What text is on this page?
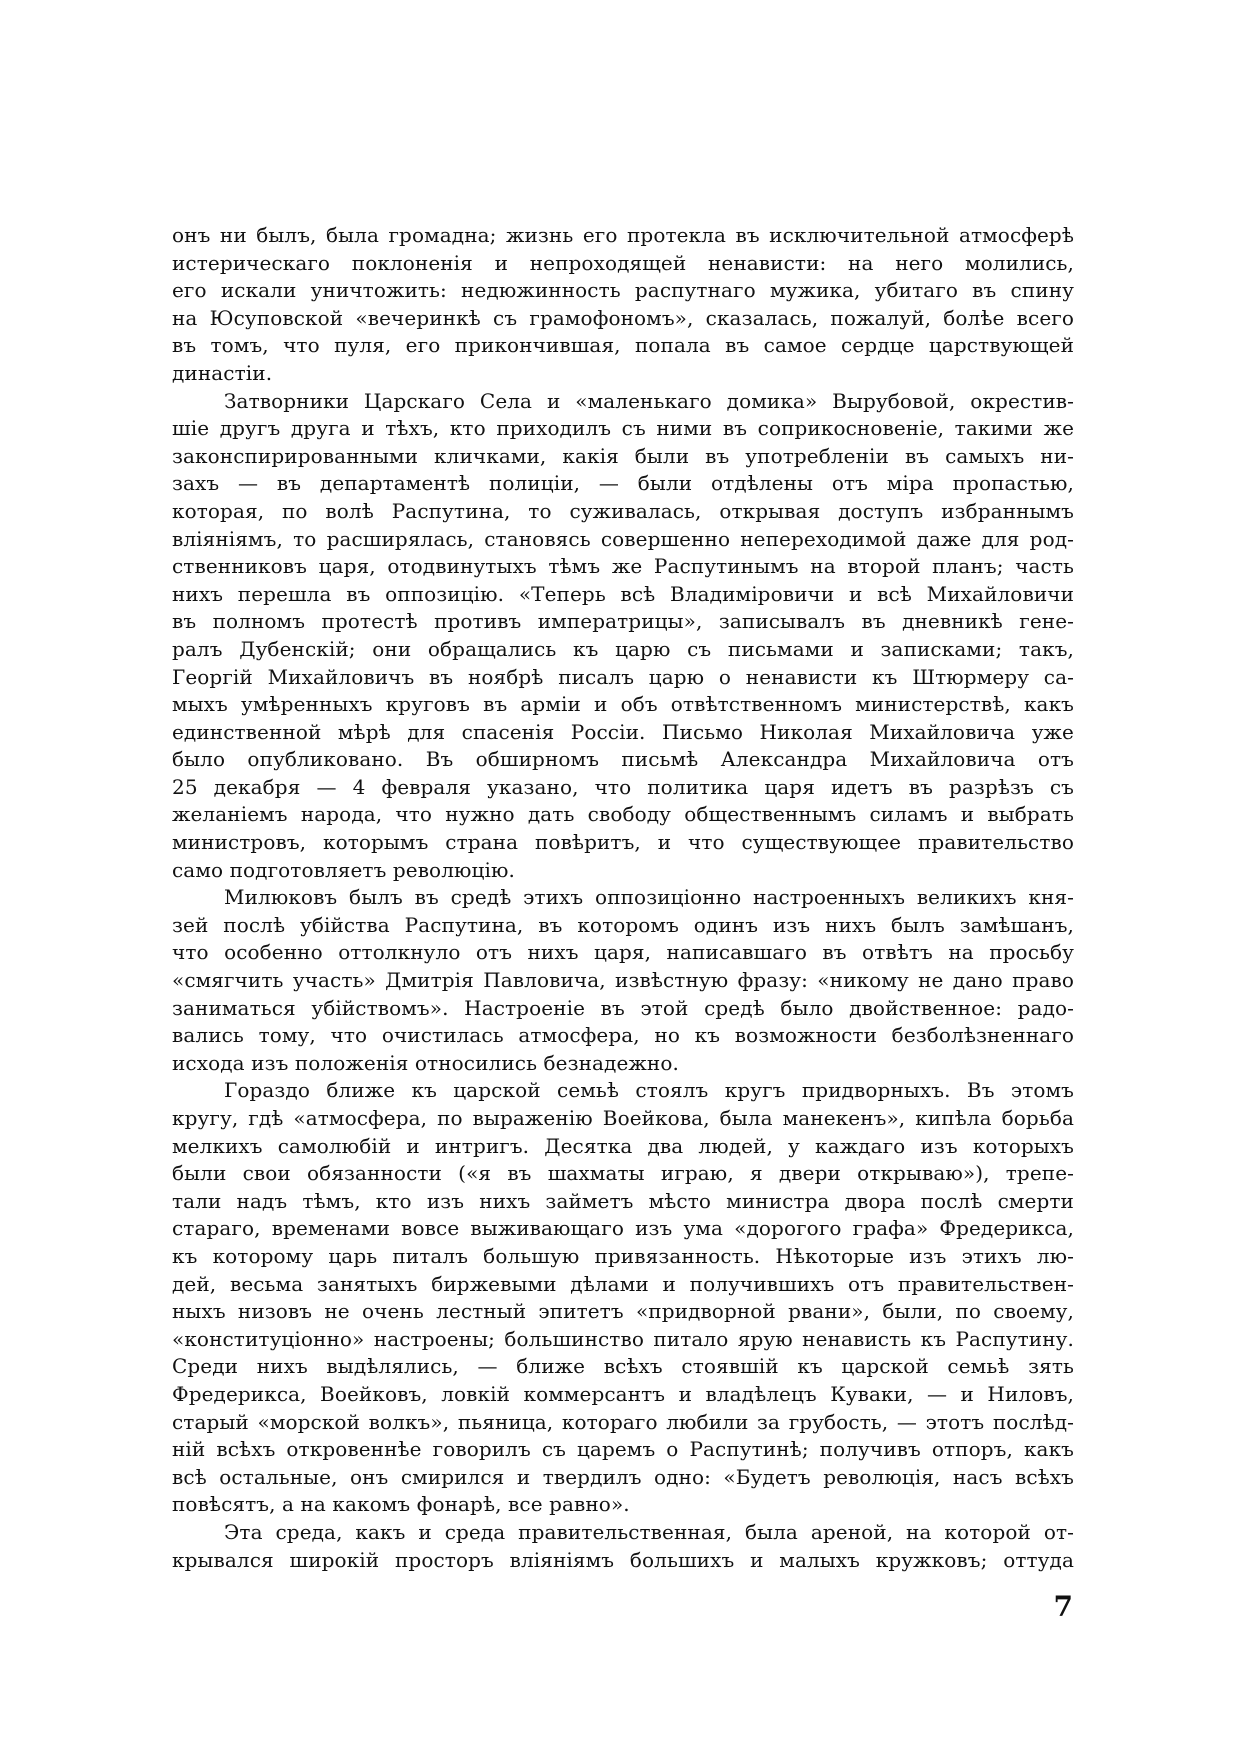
онъ ни былъ, была громадна; жизнь его протекла въ исключительной атмосферѣ
истерическаго поклоненія и непроходящей ненависти: на него молились,
его искали уничтожить: недюжинность распутнаго мужика, убитаго въ спину
на Юсуповской «вечеринкѣ съ грамофономъ», сказалась, пожалуй, болѣе всего
въ томъ, что пуля, его прикончившая, попала въ самое сердце царствующей
династіи.
Затворники Царскаго Села и «маленькаго домика» Вырубовой, окрестив-
шіе другъ друга и тѣхъ, кто приходилъ съ ними въ соприкосновеніе, такими же
законспирированными кличками, какія были въ употребленіи въ самыхъ ни-
захъ — въ департаментѣ полиціи, — были отдѣлены отъ міра пропастью,
которая, по волѣ Распутина, то суживалась, открывая доступъ избраннымъ
вліяніямъ, то расширялась, становясь совершенно непереходимой даже для род-
ственниковъ царя, отодвинутыхъ тѣмъ же Распутинымъ на второй планъ; часть
нихъ перешла въ оппозицію. «Теперь всѣ Владиміровичи и всѣ Михайловичи
въ полномъ протестѣ противъ императрицы», записывалъ въ дневникѣ гене-
ралъ Дубенскій; они обращались къ царю съ письмами и записками; такъ,
Георгій Михайловичъ въ ноябрѣ писалъ царю о ненависти къ Штюрмеру са-
мыхъ умѣренныхъ круговъ въ арміи и объ отвѣтственномъ министерствѣ, какъ
единственной мѣрѣ для спасенія Россіи. Письмо Николая Михайловича уже
было опубликовано. Въ обширномъ письмѣ Александра Михайловича отъ
25 декабря — 4 февраля указано, что политика царя идетъ въ разрѣзъ съ
желаніемъ народа, что нужно дать свободу общественнымъ силамъ и выбрать
министровъ, которымъ страна повѣритъ, и что существующее правительство
само подготовляетъ революцію.
Милюковъ былъ въ средѣ этихъ оппозиціонно настроенныхъ великихъ кня-
зей послѣ убійства Распутина, въ которомъ одинъ изъ нихъ былъ замѣшанъ,
что особенно оттолкнуло отъ нихъ царя, написавшаго въ отвѣтъ на просьбу
«смягчить участь» Дмитрія Павловича, извѣстную фразу: «никому не дано право
заниматься убійствомъ». Настроеніе въ этой средѣ было двойственное: радо-
вались тому, что очистилась атмосфера, но къ возможности безболѣзненнаго
исхода изъ положенія относились безнадежно.
Гораздо ближе къ царской семьѣ стоялъ кругъ придворныхъ. Въ этомъ
кругу, гдѣ «атмосфера, по выраженію Воейкова, была манекенъ», кипѣла борьба
мелкихъ самолюбій и интригъ. Десятка два людей, у каждаго изъ которыхъ
были свои обязанности («я въ шахматы играю, я двери открываю»), трепе-
тали надъ тѣмъ, кто изъ нихъ займетъ мѣсто министра двора послѣ смерти
стараго, временами вовсе выживающаго изъ ума «дорогого графа» Фредерикса,
къ которому царь питалъ большую привязанность. Нѣкоторые изъ этихъ лю-
дей, весьма занятыхъ биржевыми дѣлами и получившихъ отъ правительствен-
ныхъ низовъ не очень лестный эпитетъ «придворной рвани», были, по своему,
«конституціонно» настроены; большинство питало ярую ненависть къ Распутину.
Среди нихъ выдѣлялись, — ближе всѣхъ стоявшій къ царской семьѣ зять
Фредерикса, Воейковъ, ловкій коммерсантъ и владѣлецъ Куваки, — и Ниловъ,
старый «морской волкъ», пьяница, котораго любили за грубость, — этотъ послѣд-
ній всѣхъ откровеннѣе говорилъ съ царемъ о Распутинѣ; получивъ отпоръ, какъ
всѣ остальные, онъ смирился и твердилъ одно: «Будетъ революція, насъ всѣхъ
повѣсятъ, а на какомъ фонарѣ, все равно».
Эта среда, какъ и среда правительственная, была ареной, на которой от-
крывался широкій просторъ вліяніямъ большихъ и малыхъ кружковъ; оттуда
7
